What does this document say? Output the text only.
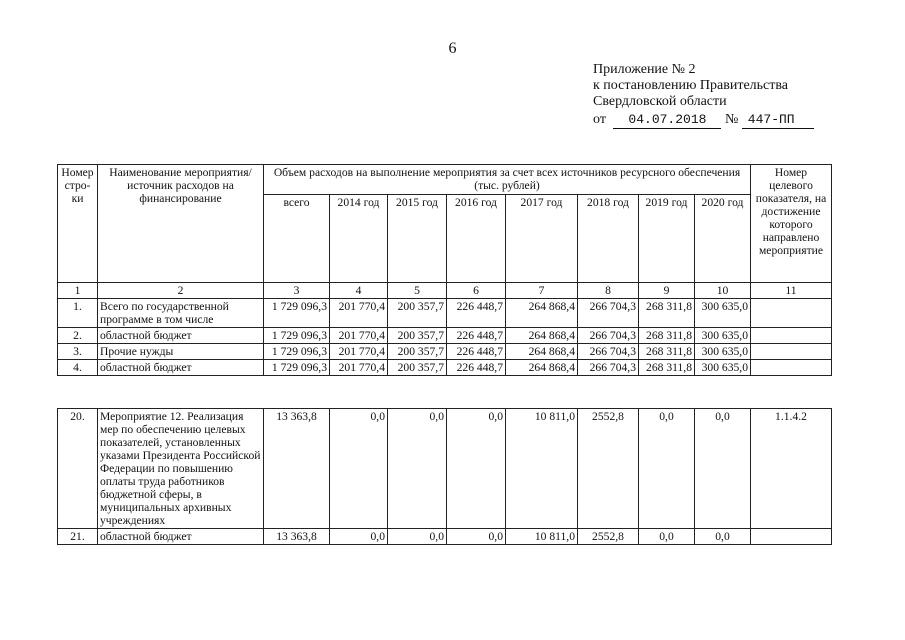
6
Приложение № 2
к постановлению Правительства
Свердловской области
от 04.07.2018 № 447-ПП
Номер стро-ки	Наименование мероприятия/ источник расходов на финансирование	Объем расходов на выполнение мероприятия за счет всех источников ресурсного обеспечения (тыс. рублей)								Номер целевого показателя, на достижение которого направлено мероприятие
		всего	2014 год	2015 год	2016 год	2017 год	2018 год	2019 год	2020 год	
1	2	3	4	5	6	7	8	9	10	11
1.	Всего по государственной программе в том числе	1 729 096,3	201 770,4	200 357,7	226 448,7	264 868,4	266 704,3	268 311,8	300 635,0	
2.	областной бюджет	1 729 096,3	201 770,4	200 357,7	226 448,7	264 868,4	266 704,3	268 311,8	300 635,0	
3.	Прочие нужды	1 729 096,3	201 770,4	200 357,7	226 448,7	264 868,4	266 704,3	268 311,8	300 635,0	
4.	областной бюджет	1 729 096,3	201 770,4	200 357,7	226 448,7	264 868,4	266 704,3	268 311,8	300 635,0	
20.	Мероприятие 12. Реализация мер по обеспечению целевых показателей, установленных указами Президента Российской Федерации по повышению оплаты труда работников бюджетной сферы, в муниципальных архивных учреждениях	13 363,8	0,0	0,0	0,0	10 811,0	2552,8	0,0	0,0	1.1.4.2
21.	областной бюджет	13 363,8	0,0	0,0	0,0	10 811,0	2552,8	0,0	0,0	
